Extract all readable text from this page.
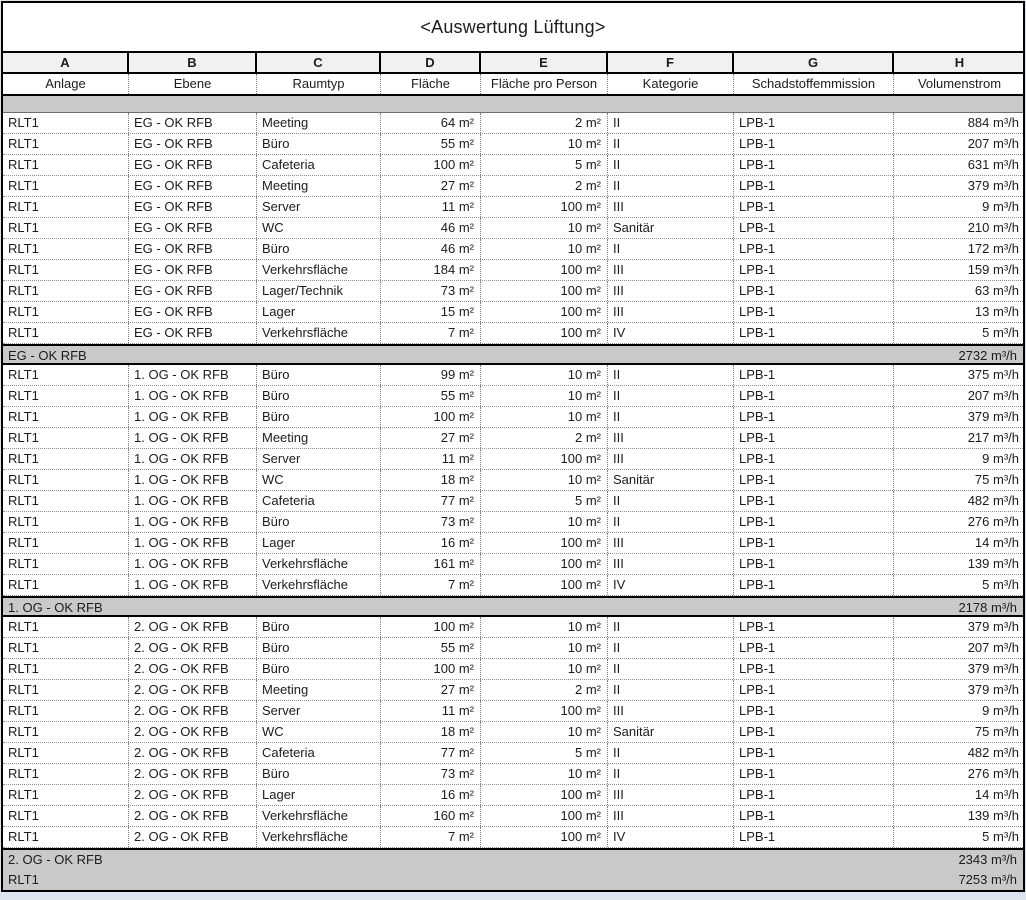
<Auswertung Lüftung>
A	B	C	D	E	F	G	H
Anlage	Ebene	Raumtyp	Fläche	Fläche pro Person	Kategorie	Schadstoffemmission	Volumenstrom
RLT1	EG - OK RFB	Meeting	64 m²	2 m² II	LPB-1	884 m³/h
RLT1	EG - OK RFB	Büro	55 m²	10 m² II	LPB-1	207 m³/h
RLT1	EG - OK RFB	Cafeteria	100 m²	5 m² II	LPB-1	631 m³/h
RLT1	EG - OK RFB	Meeting	27 m²	2 m² II	LPB-1	379 m³/h
RLT1	EG - OK RFB	Server	11 m²	100 m² III	LPB-1	9 m³/h
RLT1	EG - OK RFB	WC	46 m²	10 m² Sanitär	LPB-1	210 m³/h
RLT1	EG - OK RFB	Büro	46 m²	10 m² II	LPB-1	172 m³/h
RLT1	EG - OK RFB	Verkehrsfläche	184 m²	100 m² III	LPB-1	159 m³/h
RLT1	EG - OK RFB	Lager/Technik	73 m²	100 m² III	LPB-1	63 m³/h
RLT1	EG - OK RFB	Lager	15 m²	100 m² III	LPB-1	13 m³/h
RLT1	EG - OK RFB	Verkehrsfläche	7 m²	100 m² IV	LPB-1	5 m³/h
EG - OK RFB	2732 m³/h
RLT1	1. OG - OK RFB	Büro	99 m²	10 m² II	LPB-1	375 m³/h
RLT1	1. OG - OK RFB	Büro	55 m²	10 m² II	LPB-1	207 m³/h
RLT1	1. OG - OK RFB	Büro	100 m²	10 m² II	LPB-1	379 m³/h
RLT1	1. OG - OK RFB	Meeting	27 m²	2 m² III	LPB-1	217 m³/h
RLT1	1. OG - OK RFB	Server	11 m²	100 m² III	LPB-1	9 m³/h
RLT1	1. OG - OK RFB	WC	18 m²	10 m² Sanitär	LPB-1	75 m³/h
RLT1	1. OG - OK RFB	Cafeteria	77 m²	5 m² II	LPB-1	482 m³/h
RLT1	1. OG - OK RFB	Büro	73 m²	10 m² II	LPB-1	276 m³/h
RLT1	1. OG - OK RFB	Lager	16 m²	100 m² III	LPB-1	14 m³/h
RLT1	1. OG - OK RFB	Verkehrsfläche	161 m²	100 m² III	LPB-1	139 m³/h
RLT1	1. OG - OK RFB	Verkehrsfläche	7 m²	100 m² IV	LPB-1	5 m³/h
1. OG - OK RFB	2178 m³/h
RLT1	2. OG - OK RFB	Büro	100 m²	10 m² II	LPB-1	379 m³/h
RLT1	2. OG - OK RFB	Büro	55 m²	10 m² II	LPB-1	207 m³/h
RLT1	2. OG - OK RFB	Büro	100 m²	10 m² II	LPB-1	379 m³/h
RLT1	2. OG - OK RFB	Meeting	27 m²	2 m² II	LPB-1	379 m³/h
RLT1	2. OG - OK RFB	Server	11 m²	100 m² III	LPB-1	9 m³/h
RLT1	2. OG - OK RFB	WC	18 m²	10 m² Sanitär	LPB-1	75 m³/h
RLT1	2. OG - OK RFB	Cafeteria	77 m²	5 m² II	LPB-1	482 m³/h
RLT1	2. OG - OK RFB	Büro	73 m²	10 m² II	LPB-1	276 m³/h
RLT1	2. OG - OK RFB	Lager	16 m²	100 m² III	LPB-1	14 m³/h
RLT1	2. OG - OK RFB	Verkehrsfläche	160 m²	100 m² III	LPB-1	139 m³/h
RLT1	2. OG - OK RFB	Verkehrsfläche	7 m²	100 m² IV	LPB-1	5 m³/h
2. OG - OK RFB	2343 m³/h
RLT1	7253 m³/h
